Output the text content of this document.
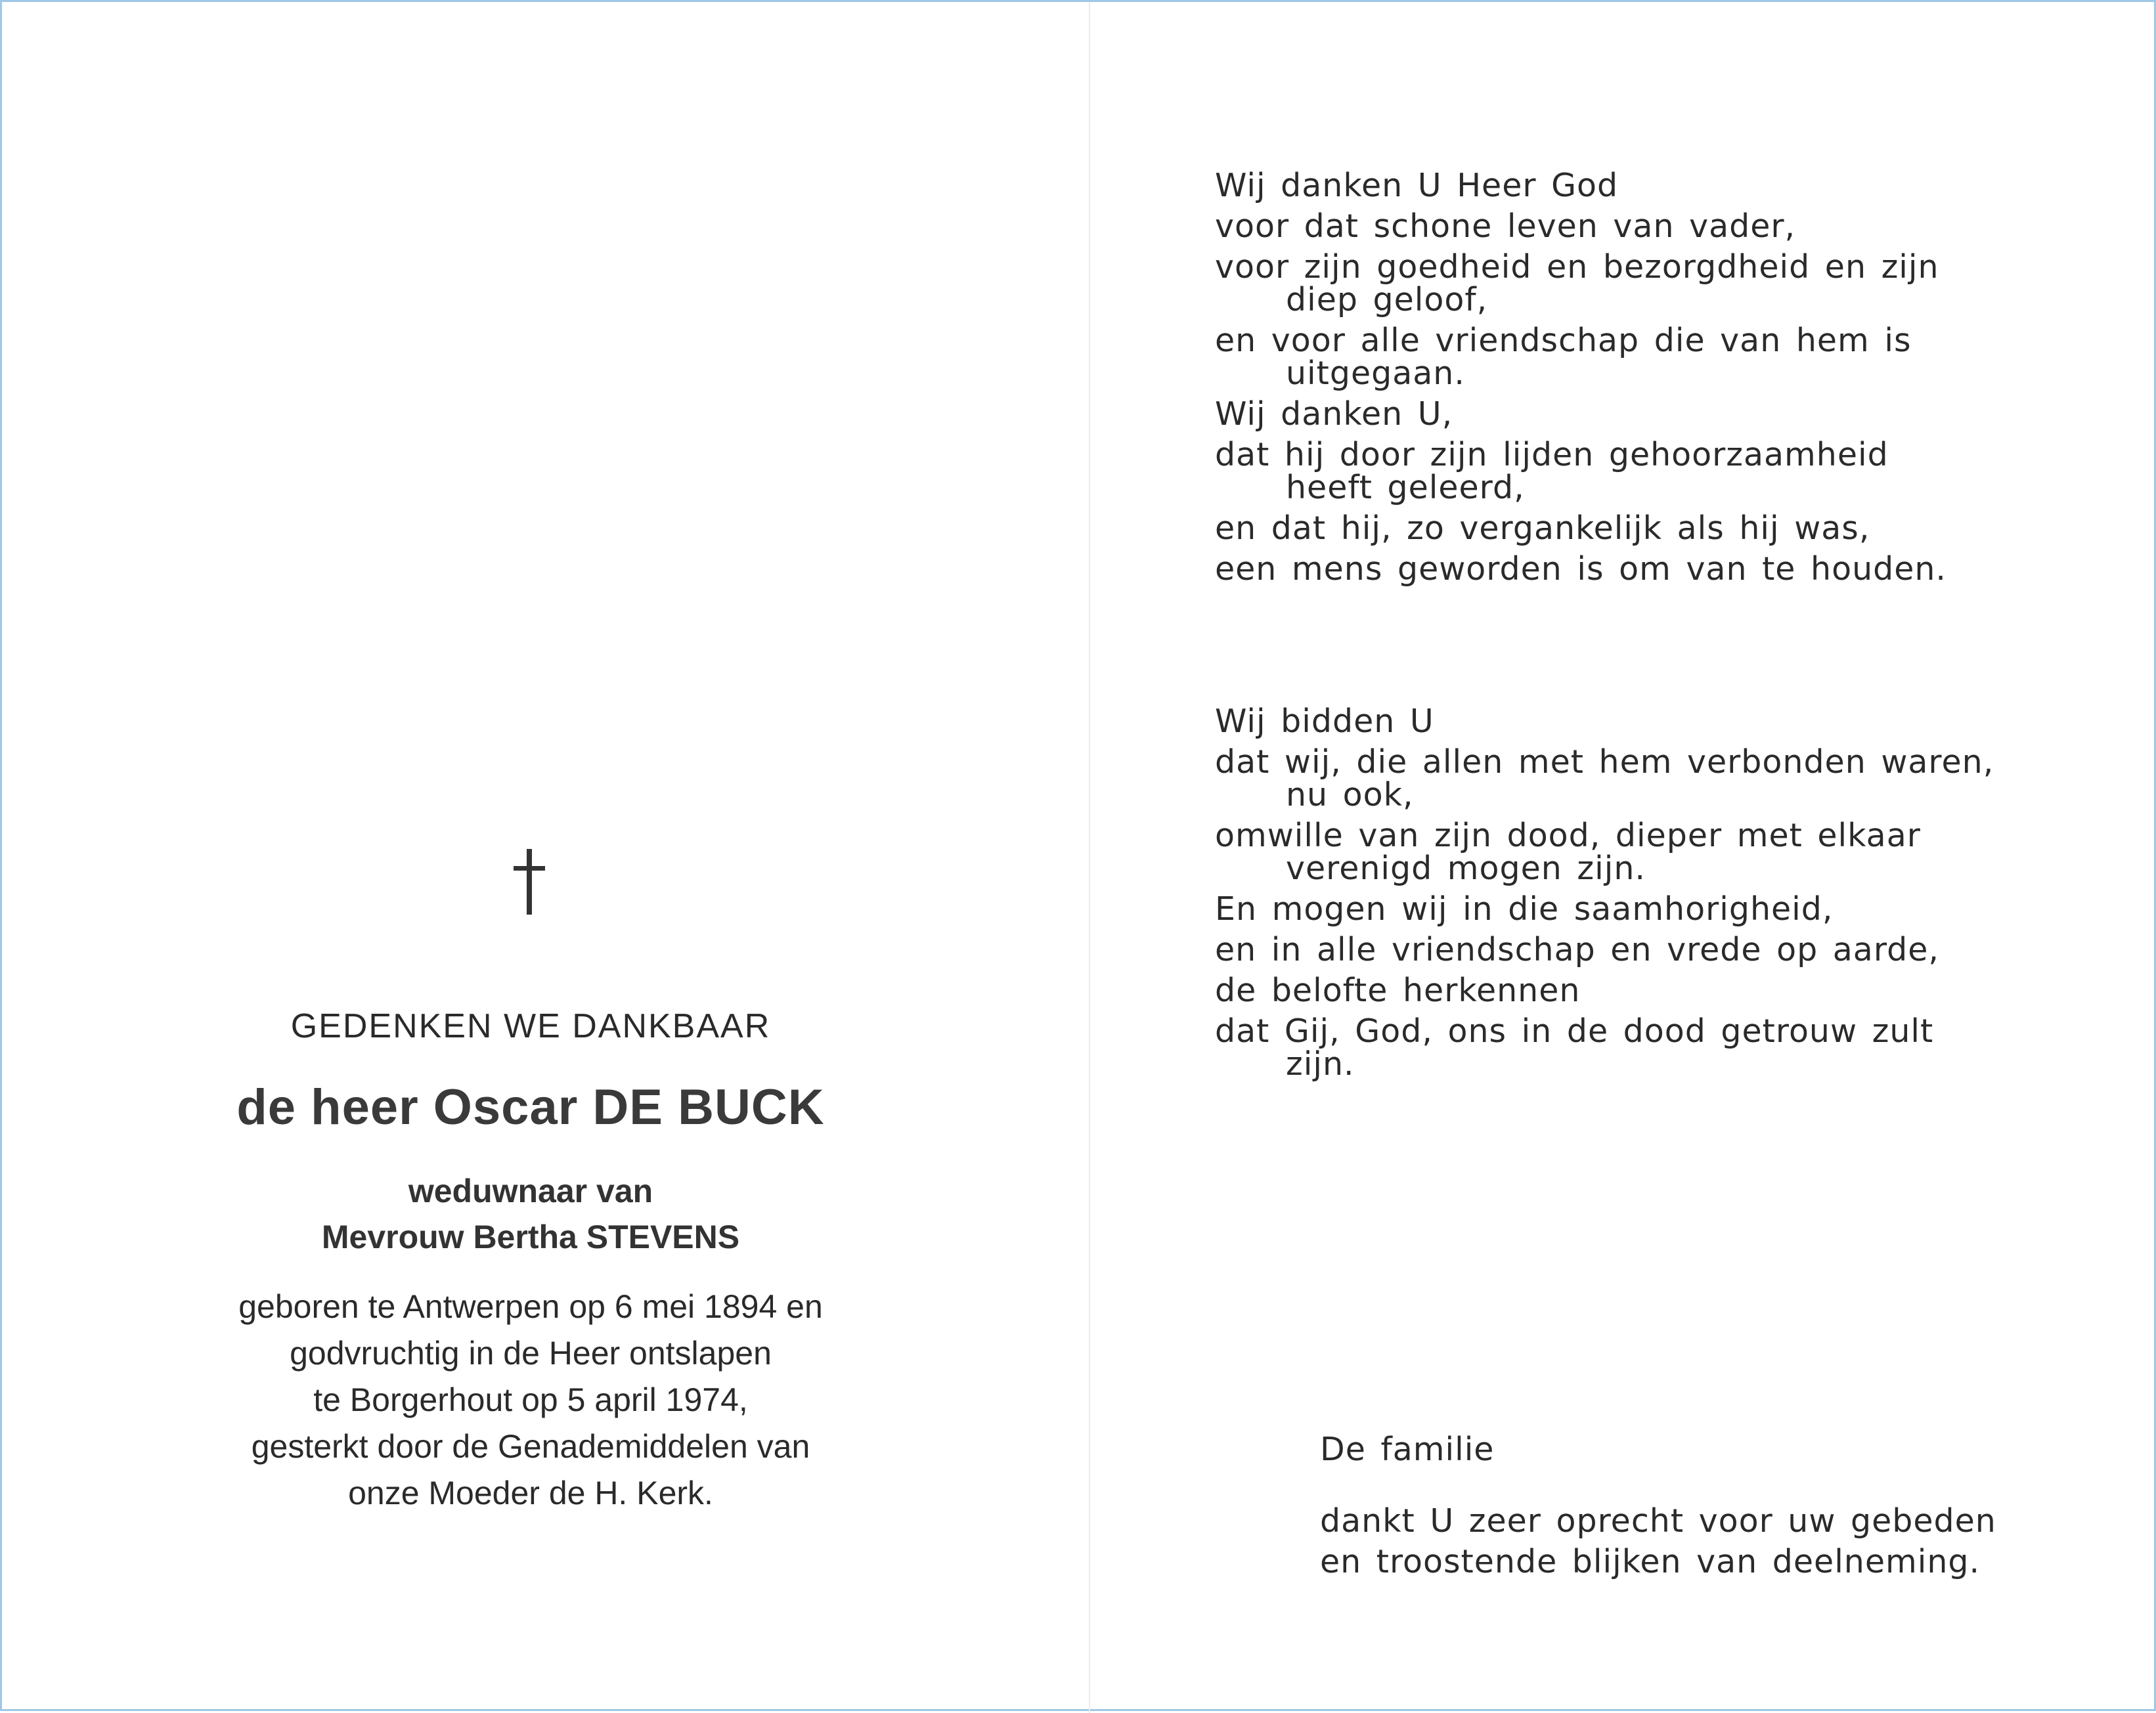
GEDENKEN WE DANKBAAR
de heer Oscar DE BUCK
weduwnaar van
Mevrouw Bertha STEVENS
geboren te Antwerpen op 6 mei 1894 en
godvruchtig in de Heer ontslapen
te Borgerhout op 5 april 1974,
gesterkt door de Genademiddelen van
onze Moeder de H. Kerk.
Wij danken U Heer God
voor dat schone leven van vader,
voor zijn goedheid en bezorgdheid en zijn
diep geloof,
en voor alle vriendschap die van hem is
uitgegaan.
Wij danken U,
dat hij door zijn lijden gehoorzaamheid
heeft geleerd,
en dat hij, zo vergankelijk als hij was,
een mens geworden is om van te houden.
Wij bidden U
dat wij, die allen met hem verbonden waren,
nu ook,
omwille van zijn dood, dieper met elkaar
verenigd mogen zijn.
En mogen wij in die saamhorigheid,
en in alle vriendschap en vrede op aarde,
de belofte herkennen
dat Gij, God, ons in de dood getrouw zult
zijn.
De familie
dankt U zeer oprecht voor uw gebeden
en troostende blijken van deelneming.
